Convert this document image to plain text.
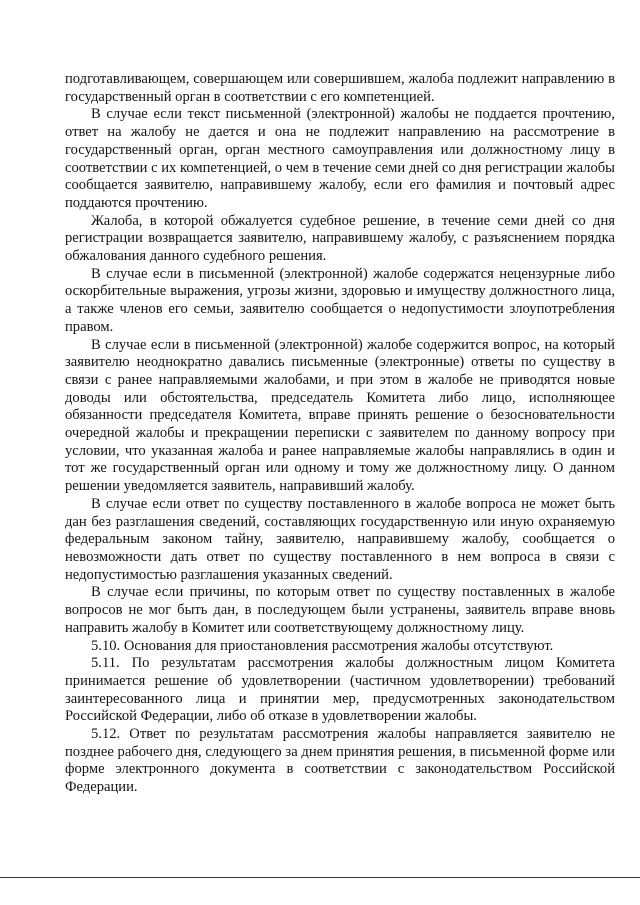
подготавливающем, совершающем или совершившем, жалоба подлежит направлению в государственный орган в соответствии с его компетенцией.

В случае если текст письменной (электронной) жалобы не поддается прочтению, ответ на жалобу не дается и она не подлежит направлению на рассмотрение в государственный орган, орган местного самоуправления или должностному лицу в соответствии с их компетенцией, о чем в течение семи дней со дня регистрации жалобы сообщается заявителю, направившему жалобу, если его фамилия и почтовый адрес поддаются прочтению.

Жалоба, в которой обжалуется судебное решение, в течение семи дней со дня регистрации возвращается заявителю, направившему жалобу, с разъяснением порядка обжалования данного судебного решения.

В случае если в письменной (электронной) жалобе содержатся нецензурные либо оскорбительные выражения, угрозы жизни, здоровью и имуществу должностного лица, а также членов его семьи, заявителю сообщается о недопустимости злоупотребления правом.

В случае если в письменной (электронной) жалобе содержится вопрос, на который заявителю неоднократно давались письменные (электронные) ответы по существу в связи с ранее направляемыми жалобами, и при этом в жалобе не приводятся новые доводы или обстоятельства, председатель Комитета либо лицо, исполняющее обязанности председателя Комитета, вправе принять решение о безосновательности очередной жалобы и прекращении переписки с заявителем по данному вопросу при условии, что указанная жалоба и ранее направляемые жалобы направлялись в один и тот же государственный орган или одному и тому же должностному лицу. О данном решении уведомляется заявитель, направивший жалобу.

В случае если ответ по существу поставленного в жалобе вопроса не может быть дан без разглашения сведений, составляющих государственную или иную охраняемую федеральным законом тайну, заявителю, направившему жалобу, сообщается о невозможности дать ответ по существу поставленного в нем вопроса в связи с недопустимостью разглашения указанных сведений.

В случае если причины, по которым ответ по существу поставленных в жалобе вопросов не мог быть дан, в последующем были устранены, заявитель вправе вновь направить жалобу в Комитет или соответствующему должностному лицу.

5.10. Основания для приостановления рассмотрения жалобы отсутствуют.

5.11. По результатам рассмотрения жалобы должностным лицом Комитета принимается решение об удовлетворении (частичном удовлетворении) требований заинтересованного лица и принятии мер, предусмотренных законодательством Российской Федерации, либо об отказе в удовлетворении жалобы.

5.12. Ответ по результатам рассмотрения жалобы направляется заявителю не позднее рабочего дня, следующего за днем принятия решения, в письменной форме или форме электронного документа в соответствии с законодательством Российской Федерации.
